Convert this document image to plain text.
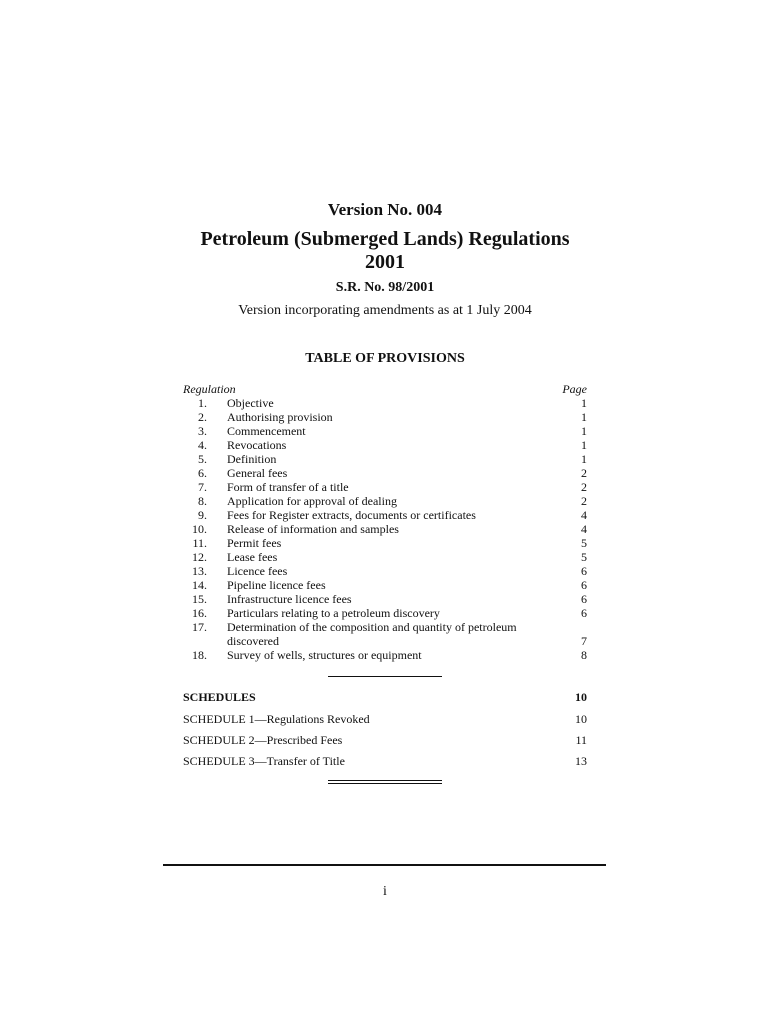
Version No. 004

Petroleum (Submerged Lands) Regulations
2001

S.R. No. 98/2001

Version incorporating amendments as at 1 July 2004

TABLE OF PROVISIONS

Regulation	Page
1. Objective	1
2. Authorising provision	1
3. Commencement	1
4. Revocations	1
5. Definition	1
6. General fees	2
7. Form of transfer of a title	2
8. Application for approval of dealing	2
9. Fees for Register extracts, documents or certificates	4
10. Release of information and samples	4
11. Permit fees	5
12. Lease fees	5
13. Licence fees	6
14. Pipeline licence fees	6
15. Infrastructure licence fees	6
16. Particulars relating to a petroleum discovery	6
17. Determination of the composition and quantity of petroleum
discovered	7
18. Survey of wells, structures or equipment	8
SCHEDULES	10
SCHEDULE 1—Regulations Revoked	10
SCHEDULE 2—Prescribed Fees	11
SCHEDULE 3—Transfer of Title	13

i
